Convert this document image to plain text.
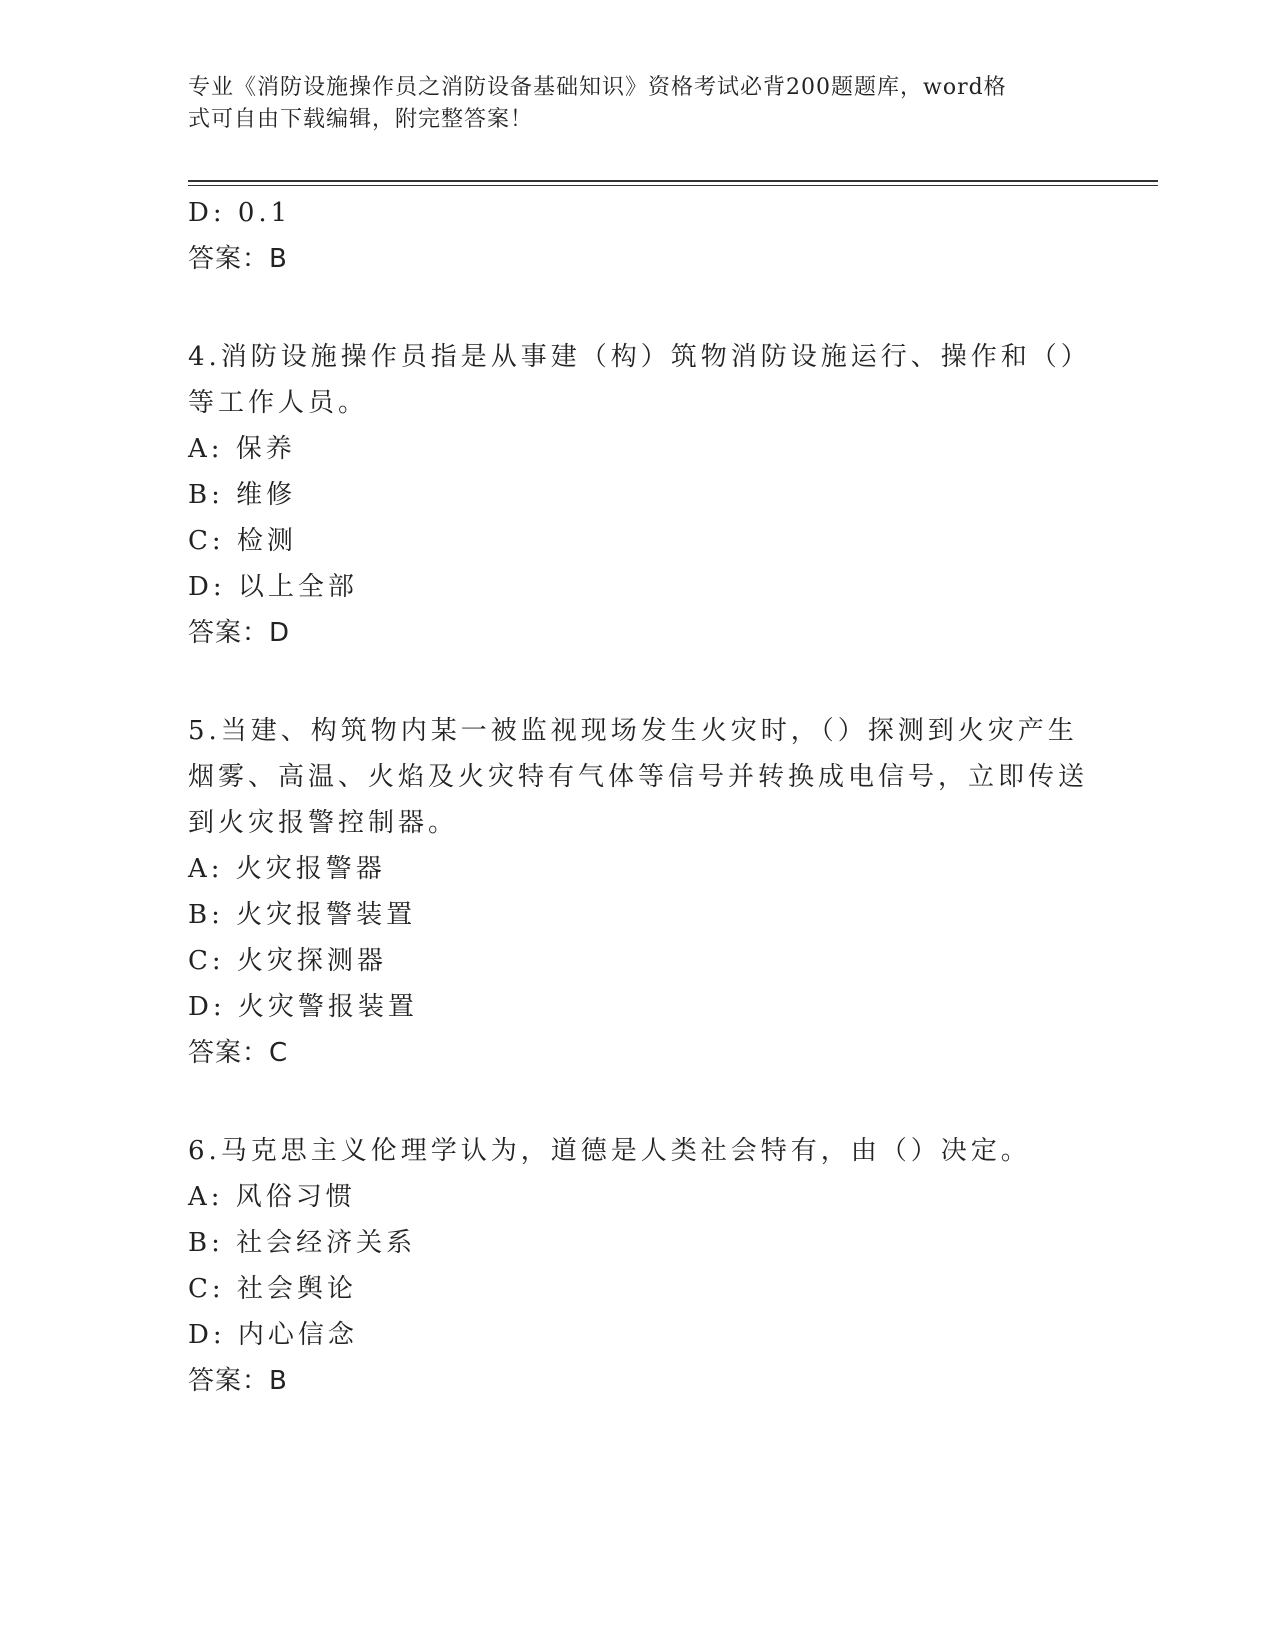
专业《消防设施操作员之消防设备基础知识》资格考试必背200题题库，word格
式可自由下载编辑，附完整答案！
D: 0.1
答案：B
4.消防设施操作员指是从事建（构）筑物消防设施运行、操作和（）
等工作人员。
A: 保养
B: 维修
C: 检测
D: 以上全部
答案：D
5.当建、构筑物内某一被监视现场发生火灾时，（）探测到火灾产生
烟雾、高温、火焰及火灾特有气体等信号并转换成电信号，立即传送
到火灾报警控制器。
A: 火灾报警器
B: 火灾报警装置
C: 火灾探测器
D: 火灾警报装置
答案：C
6.马克思主义伦理学认为，道德是人类社会特有，由（）决定。
A: 风俗习惯
B: 社会经济关系
C: 社会舆论
D: 内心信念
答案：B
